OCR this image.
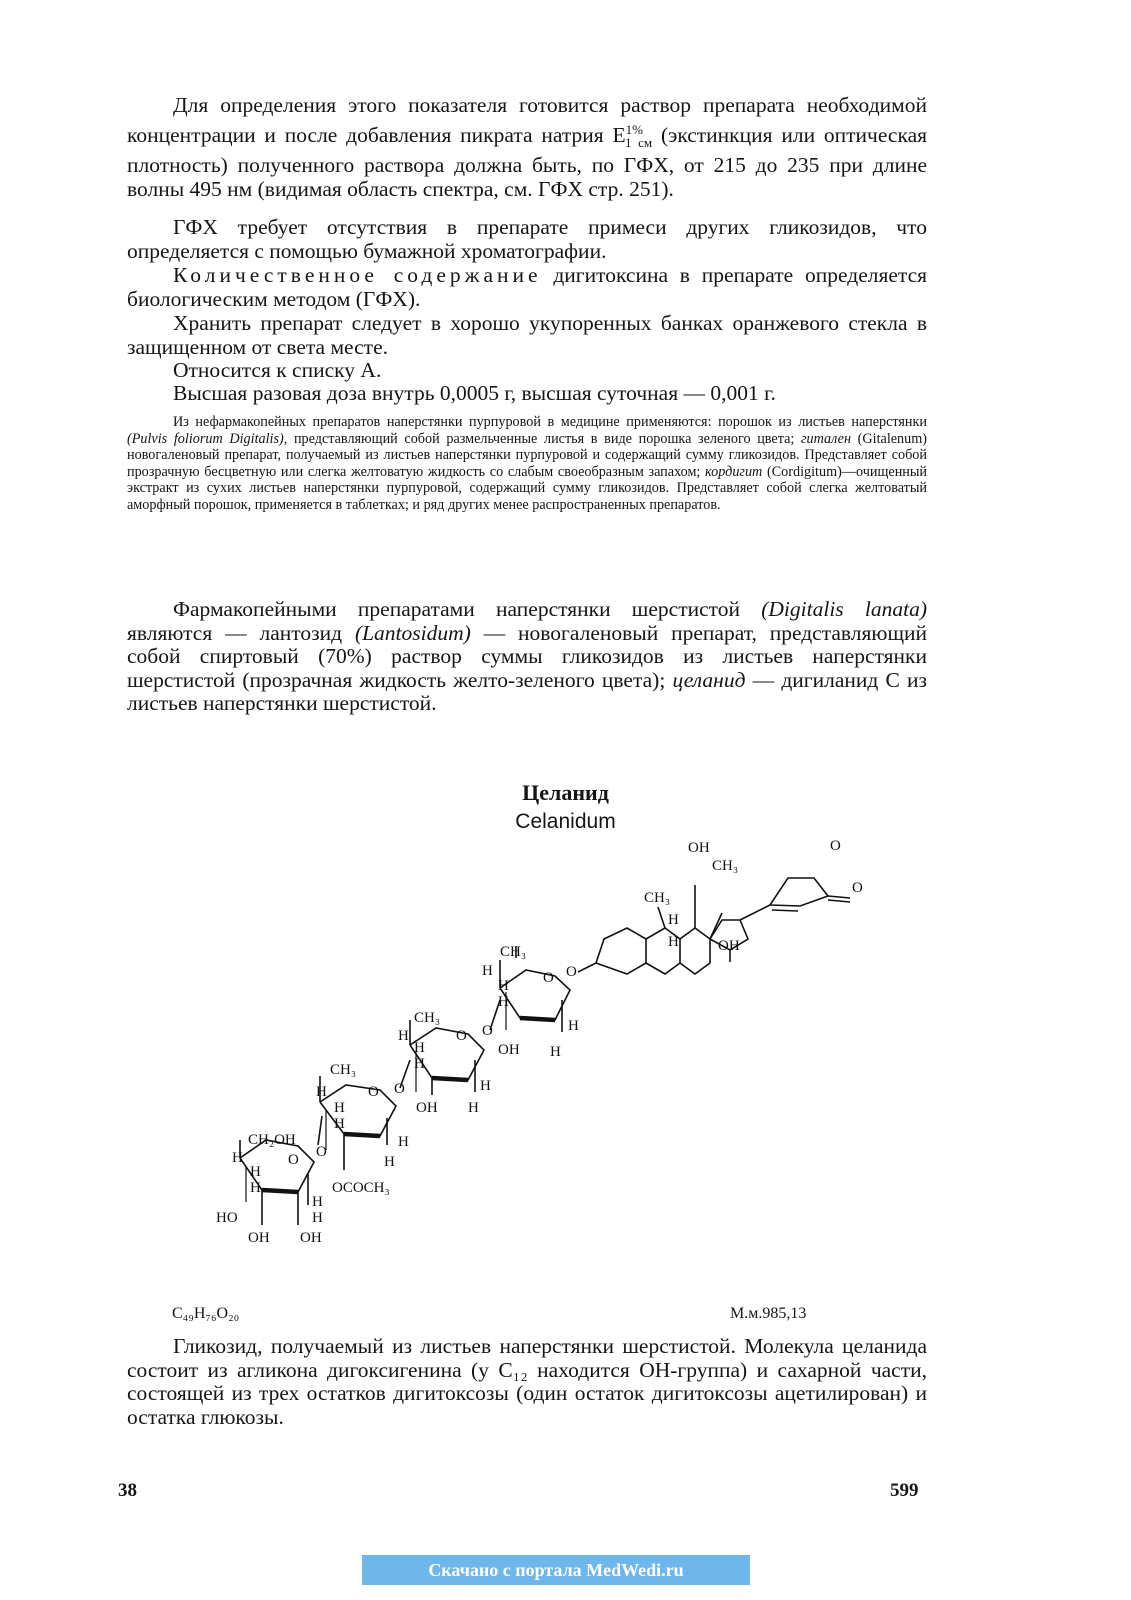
Для определения этого показателя готовится раствор препарата необходимой концентрации и после добавления пикрата натрия $E^{1\%}_{1 см}$ (экстинкция или оптическая плотность) полученного раствора должна быть, по ГФХ, от 215 до 235 при длине волны 495 нм (видимая область спектра, см. ГФХ стр. 251).

ГФХ требует отсутствия в препарате примеси других гликозидов, что определяется с помощью бумажной хроматографии.

Количественное содержание дигитоксина в препарате определяется биологическим методом (ГФХ).

Хранить препарат следует в хорошо укупоренных банках оранжевого стекла в защищенном от света месте.

Относится к списку А.

Высшая разовая доза внутрь 0,0005 г, высшая суточная — 0,001 г.

Из нефармакопейных препаратов наперстянки пурпуровой в медицине применяются: порошок из листьев наперстянки (Pulvis foliorum Digitalis), представляющий собой размельченные листья в виде порошка зеленого цвета; гитален (Gitalenum) новогаленовый препарат, получаемый из листьев наперстянки пурпуровой и содержащий сумму гликозидов. Представляет собой прозрачную бесцветную или слегка желтоватую жидкость со слабым своеобразным запахом; кордигит (Cordigitum)—очищенный экстракт из сухих листьев наперстянки пурпуровой, содержащий сумму гликозидов. Представляет собой слегка желтоватый аморфный порошок, применяется в таблетках; и ряд других менее распространенных препаратов.

Фармакопейными препаратами наперстянки шерстистой (Digitalis lanata) являются — лантозид (Lantosidum) — новогаленовый препарат, представляющий собой спиртовый (70%) раствор суммы гликозидов из листьев наперстянки шерстистой (прозрачная жидкость желто-зеленого цвета); целанид — дигиланид С из листьев наперстянки шерстистой.

Целанид
Celanidum
OH
CH₃
CH₃
H
H	OH
O
O
O
CH₃
H	O
H
H
H
OH H
O
CH₃
H	O
H
H
H
OH H
O
CH₃
H	O
H
H
H
H
O
OCOCH₃
CH₂OH
H	O
H
H
H
HO	H
OH OH
C₄₉H₇₆O₂₀	М.м.985,13

Гликозид, получаемый из листьев наперстянки шерстистой. Молекула целанида состоит из агликона дигоксигенина (у C₁₂ находится OH-группа) и сахарной части, состоящей из трех остатков дигитоксозы (один остаток дигитоксозы ацетилирован) и остатка глюкозы.

38	599
Скачано с портала MedWedi.ru
